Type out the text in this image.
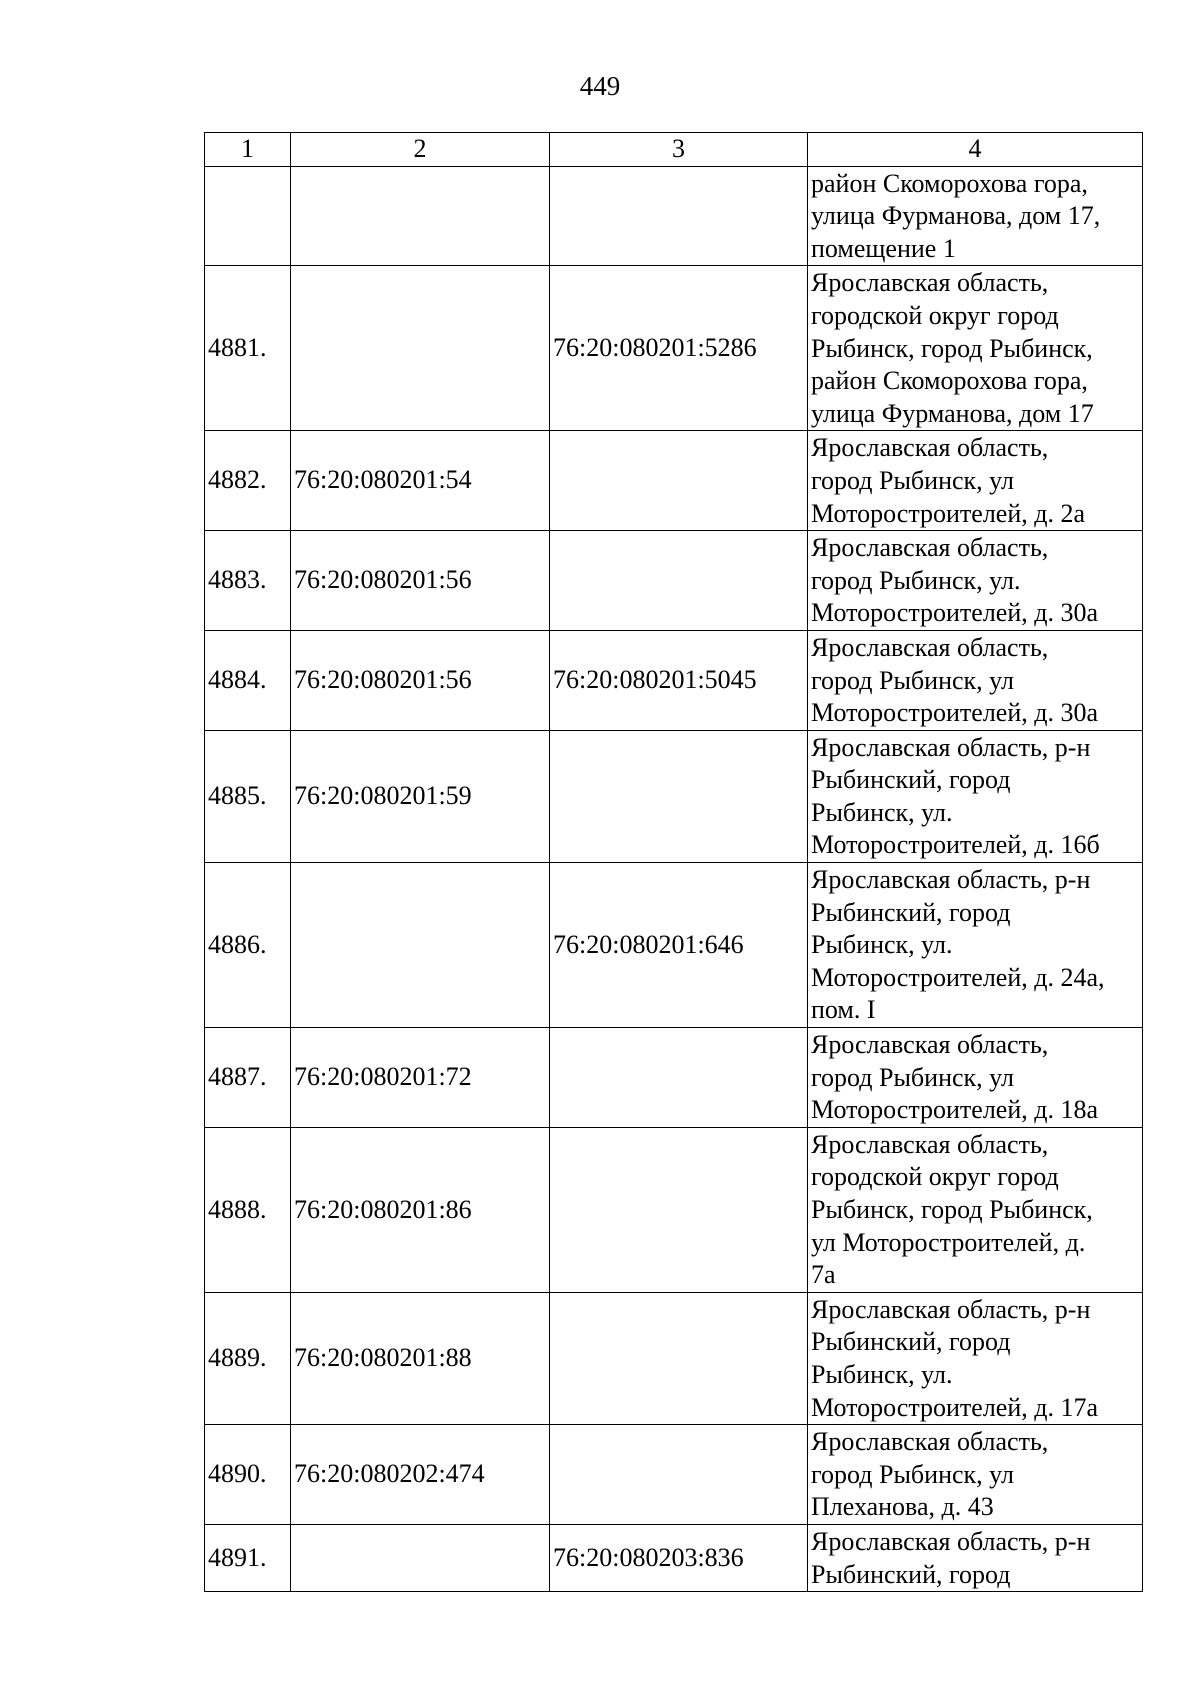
449
1	2	3	4

			район Скоморохова гора,
улица Фурманова, дом 17,
помещение 1

4881.		76:20:080201:5286	Ярославская область,
городской округ город
Рыбинск, город Рыбинск,
район Скоморохова гора,
улица Фурманова, дом 17

4882.	76:20:080201:54		Ярославская область,
город Рыбинск, ул
Моторостроителей, д. 2а

4883.	76:20:080201:56		Ярославская область,
город Рыбинск, ул.
Моторостроителей, д. 30а

4884.	76:20:080201:56	76:20:080201:5045	Ярославская область,
город Рыбинск, ул
Моторостроителей, д. 30а

4885.	76:20:080201:59		Ярославская область, р-н
Рыбинский, город
Рыбинск, ул.
Моторостроителей, д. 16б

4886.		76:20:080201:646	Ярославская область, р-н
Рыбинский, город
Рыбинск, ул.
Моторостроителей, д. 24а,
пом. I

4887.	76:20:080201:72		Ярославская область,
город Рыбинск, ул
Моторостроителей, д. 18а

4888.	76:20:080201:86		Ярославская область,
городской округ город
Рыбинск, город Рыбинск,
ул Моторостроителей, д.
7а

4889.	76:20:080201:88		Ярославская область, р-н
Рыбинский, город
Рыбинск, ул.
Моторостроителей, д. 17а

4890.	76:20:080202:474		Ярославская область,
город Рыбинск, ул
Плеханова, д. 43

4891.		76:20:080203:836	Ярославская область, р-н
Рыбинский, город
